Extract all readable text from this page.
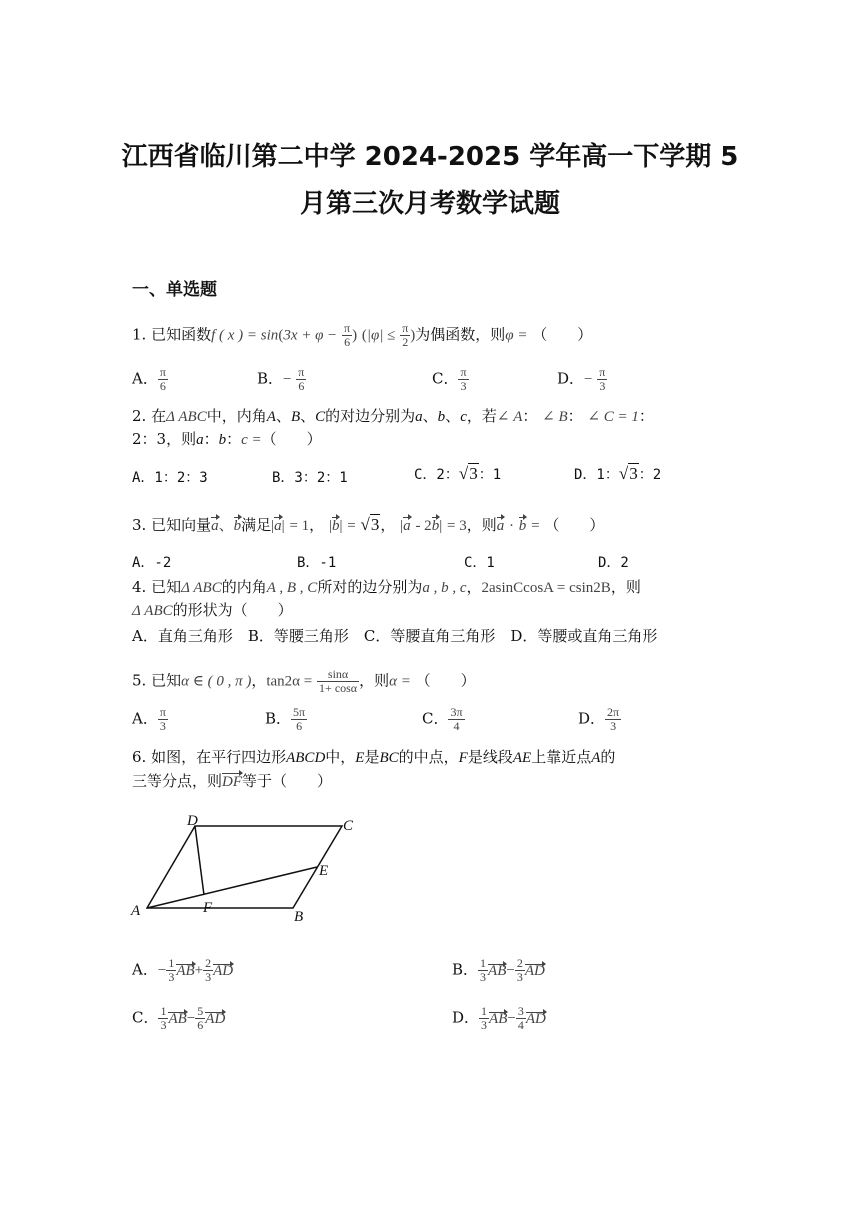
江西省临川第二中学 2024-2025 学年高一下学期 5
月第三次月考数学试题
一、单选题
1. 已知函数f ( x ) = $\sin(3x + \varphi - \frac{\pi}{6}$ ) ($|\varphi| \le \frac{\pi}{2}$ )为偶函数，则φ = （　　）
A． $\frac{\pi}{6}$	B．− $\frac{\pi}{6}$	C． $\frac{\pi}{3}$	D．− $\frac{\pi}{3}$
2. 在Δ ABC中，内角A、B、C的对边分别为a、b、c，若∠ A： ∠ B： ∠ C = 1：
2：3，则a：b：c =（　　）
A．1：2：3	B．3：2：1	C．2：√3：1	D．1：√3：2
3. 已知向量a、b满足|a| = 1， |b| = √3， |a - 2b| = 3，则a · b = （　　）
A．-2	B．-1	C．1	D．2
4. 已知Δ ABC的内角A , B , C所对的边分别为a , b , c，2asinCcosA = csin2B，则
Δ ABC的形状为（　　）
A．直角三角形　B．等腰三角形　C．等腰直角三角形　D．等腰或直角三角形
5. 已知α ∈ ( 0 , π )，$\tan 2\alpha = \frac{\sin\alpha}{1+ \cos\alpha}$ ，则α = （　　）
A． $\frac{\pi}{3}$	B． $\frac{5\pi}{6}$	C． $\frac{3\pi}{4}$	D． $\frac{2\pi}{3}$
6. 如图，在平行四边形ABCD中，E是BC的中点，F是线段AE上靠近点A的
三等分点，则DF等于（　　）
A	B
C
D
E
F
A．− $\frac{1}{3} AB+ \frac{2}{3}$ AD	B． $\frac{1}{3} AB- \frac{2}{3}$ AD
C． $\frac{1}{3} AB- \frac{5}{6}$ AD	D． $\frac{1}{3} AB- \frac{3}{4}$ AD
